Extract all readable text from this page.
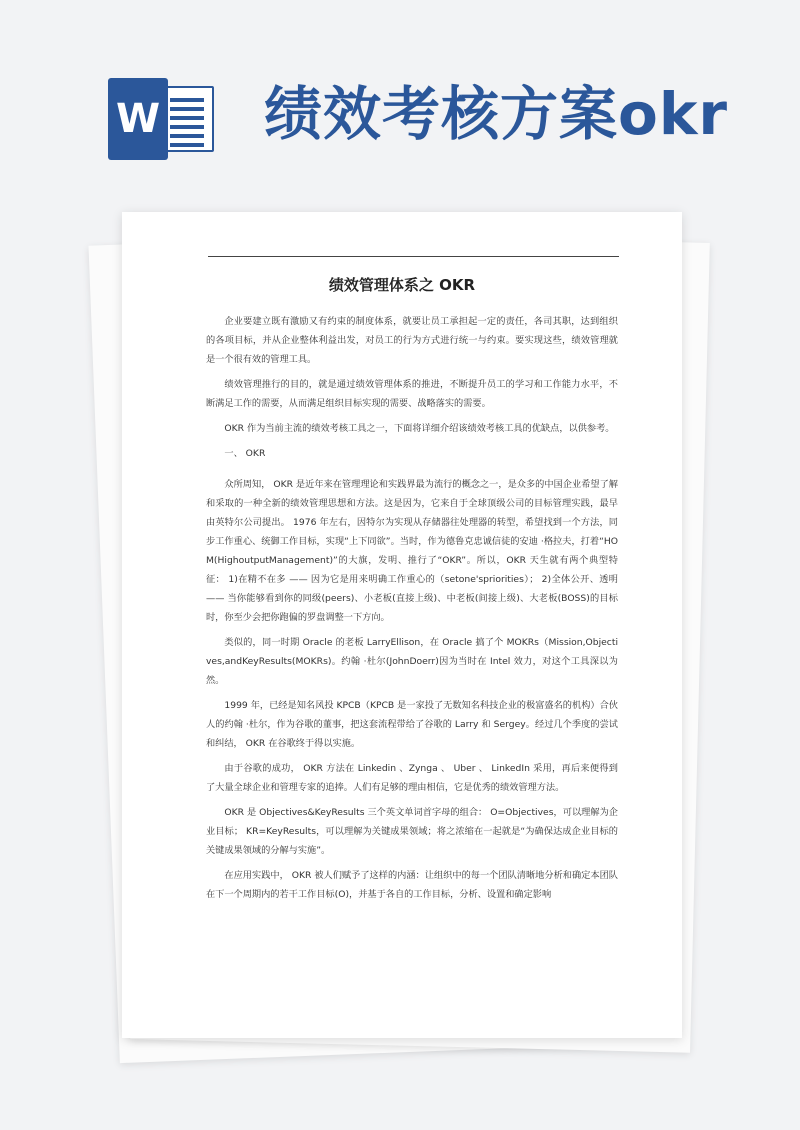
W 绩效考核方案okr
绩效管理体系之 OKR

企业要建立既有激励又有约束的制度体系，就要让员工承担起一定的责任，各司其职，达到组织的各项目标，并从企业整体利益出发，对员工的行为方式进行统一与约束。要实现这些，绩效管理就是一个很有效的管理工具。

绩效管理推行的目的，就是通过绩效管理体系的推进，不断提升员工的学习和工作能力水平，不断满足工作的需要，从而满足组织目标实现的需要、战略落实的需要。

OKR 作为当前主流的绩效考核工具之一，下面将详细介绍该绩效考核工具的优缺点，以供参考。

一、 OKR

众所周知， OKR 是近年来在管理理论和实践界最为流行的概念之一，是众多的中国企业希望了解和采取的一种全新的绩效管理思想和方法。这是因为，它来自于全球顶级公司的目标管理实践，最早由英特尔公司提出。 1976 年左右，因特尔为实现从存储器往处理器的转型，希望找到一个方法，同步工作重心、统御工作目标，实现“上下同欲”。当时，作为德鲁克忠诚信徒的安迪 ·格拉夫，打着“HOM(HighoutputManagement)”的大旗，发明、推行了“OKR”。所以，OKR 天生就有两个典型特征： 1)在精不在多 —— 因为它是用来明确工作重心的（setone'spriorities）； 2)全体公开、透明 —— 当你能够看到你的同级(peers)、小老板(直接上级)、中老板(间接上级)、大老板(BOSS)的目标时，你至少会把你跑偏的罗盘调整一下方向。

类似的，同一时期 Oracle 的老板 LarryEllison，在 Oracle 搞了个 MOKRs（Mission,Objectives,andKeyResults(MOKRs)。约翰 ·杜尔(JohnDoerr)因为当时在 Intel 效力，对这个工具深以为然。

1999 年，已经是知名风投 KPCB（KPCB 是一家投了无数知名科技企业的极富盛名的机构）合伙人的约翰 ·杜尔，作为谷歌的董事，把这套流程带给了谷歌的 Larry 和 Sergey。经过几个季度的尝试和纠结， OKR 在谷歌终于得以实施。

由于谷歌的成功， OKR 方法在 Linkedin 、Zynga 、 Uber 、 LinkedIn 采用，再后来便得到了大量全球企业和管理专家的追捧。人们有足够的理由相信，它是优秀的绩效管理方法。

OKR 是 Objectives&KeyResults 三个英文单词首字母的组合： O=Objectives，可以理解为企业目标； KR=KeyResults，可以理解为关键成果领域；将之浓缩在一起就是“为确保达成企业目标的关键成果领域的分解与实施”。

在应用实践中， OKR 被人们赋予了这样的内涵：让组织中的每一个团队清晰地分析和确定本团队在下一个周期内的若干工作目标(O)，并基于各自的工作目标，分析、设置和确定影响
